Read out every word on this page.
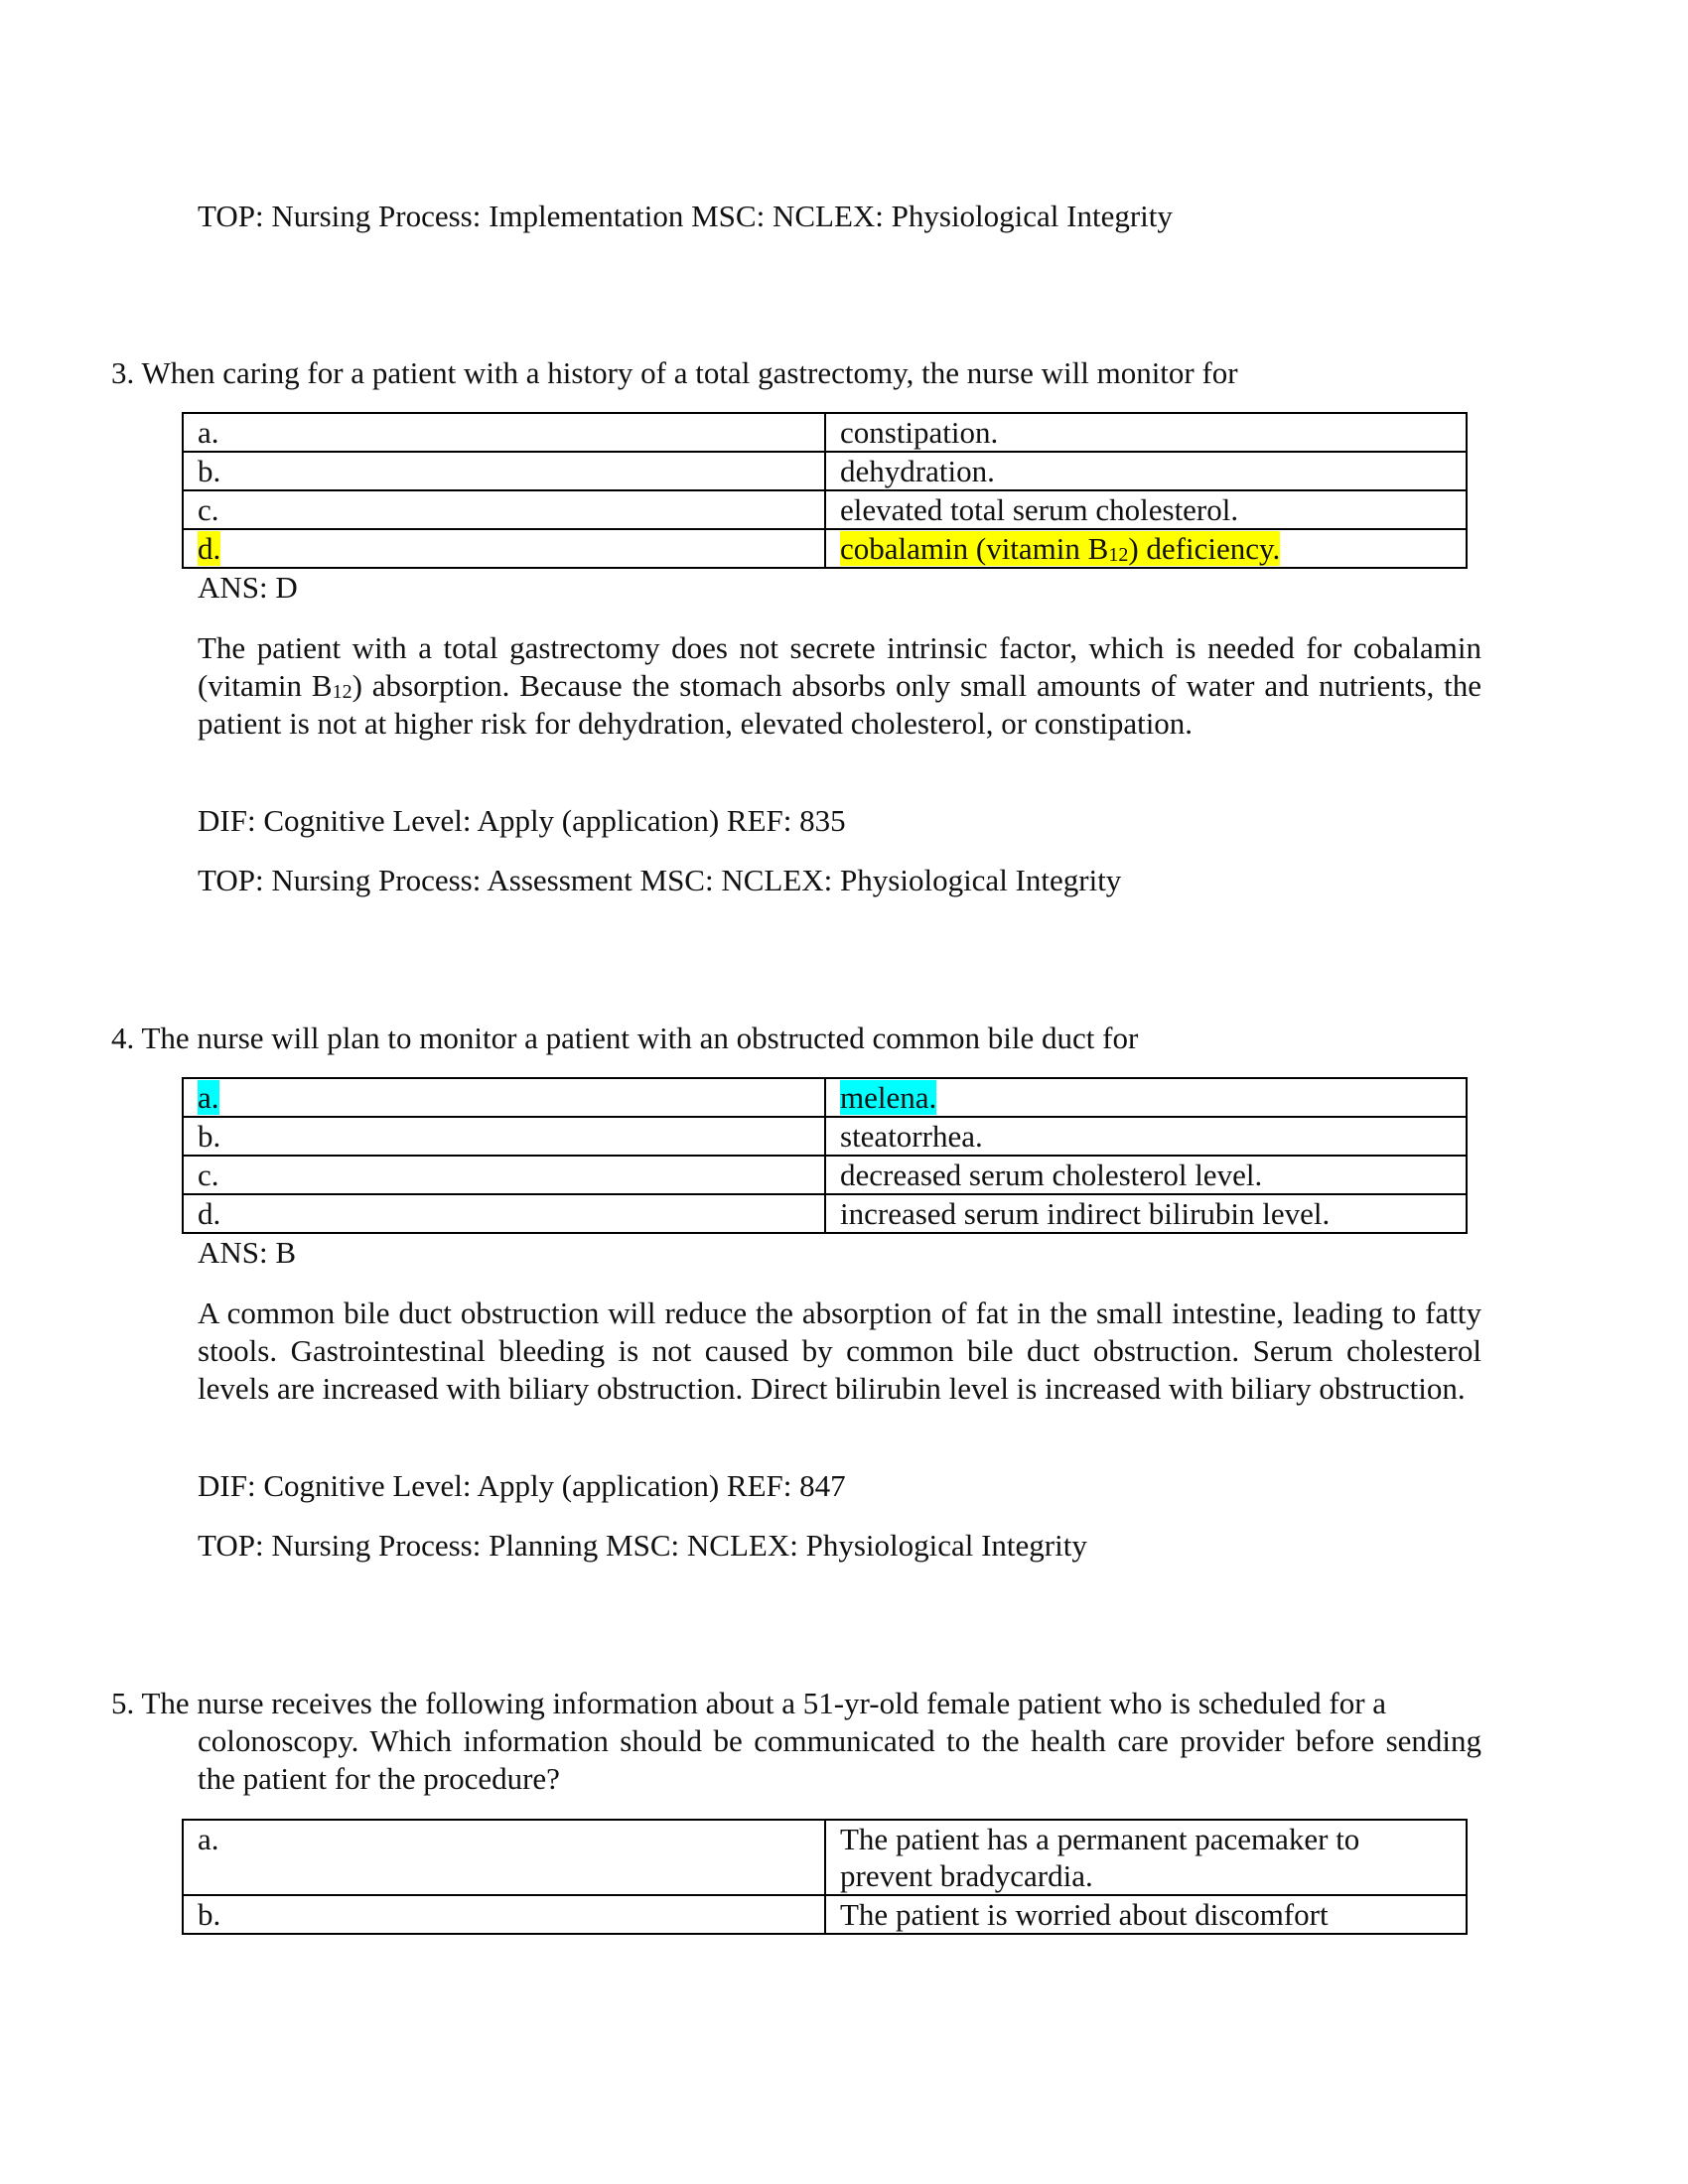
TOP: Nursing Process: Implementation MSC: NCLEX: Physiological Integrity
3. When caring for a patient with a history of a total gastrectomy, the nurse will monitor for
a.	constipation.
b.	dehydration.
c.	elevated total serum cholesterol.
d.	cobalamin (vitamin $B_{12}$) deficiency.
ANS: D
The patient with a total gastrectomy does not secrete intrinsic factor, which is needed for cobalamin (vitamin $B_{12}$) absorption. Because the stomach absorbs only small amounts of water and nutrients, the patient is not at higher risk for dehydration, elevated cholesterol, or constipation.
DIF: Cognitive Level: Apply (application) REF: 835
TOP: Nursing Process: Assessment MSC: NCLEX: Physiological Integrity
4. The nurse will plan to monitor a patient with an obstructed common bile duct for
a.	melena.
b.	steatorrhea.
c.	decreased serum cholesterol level.
d.	increased serum indirect bilirubin level.
ANS: B
A common bile duct obstruction will reduce the absorption of fat in the small intestine, leading to fatty stools. Gastrointestinal bleeding is not caused by common bile duct obstruction. Serum cholesterol levels are increased with biliary obstruction. Direct bilirubin level is increased with biliary obstruction.
DIF: Cognitive Level: Apply (application) REF: 847
TOP: Nursing Process: Planning MSC: NCLEX: Physiological Integrity
5. The nurse receives the following information about a 51-yr-old female patient who is scheduled for a
colonoscopy. Which information should be communicated to the health care provider before sending the patient for the procedure?
a.	The patient has a permanent pacemaker to prevent bradycardia.
b.	The patient is worried about discomfort
